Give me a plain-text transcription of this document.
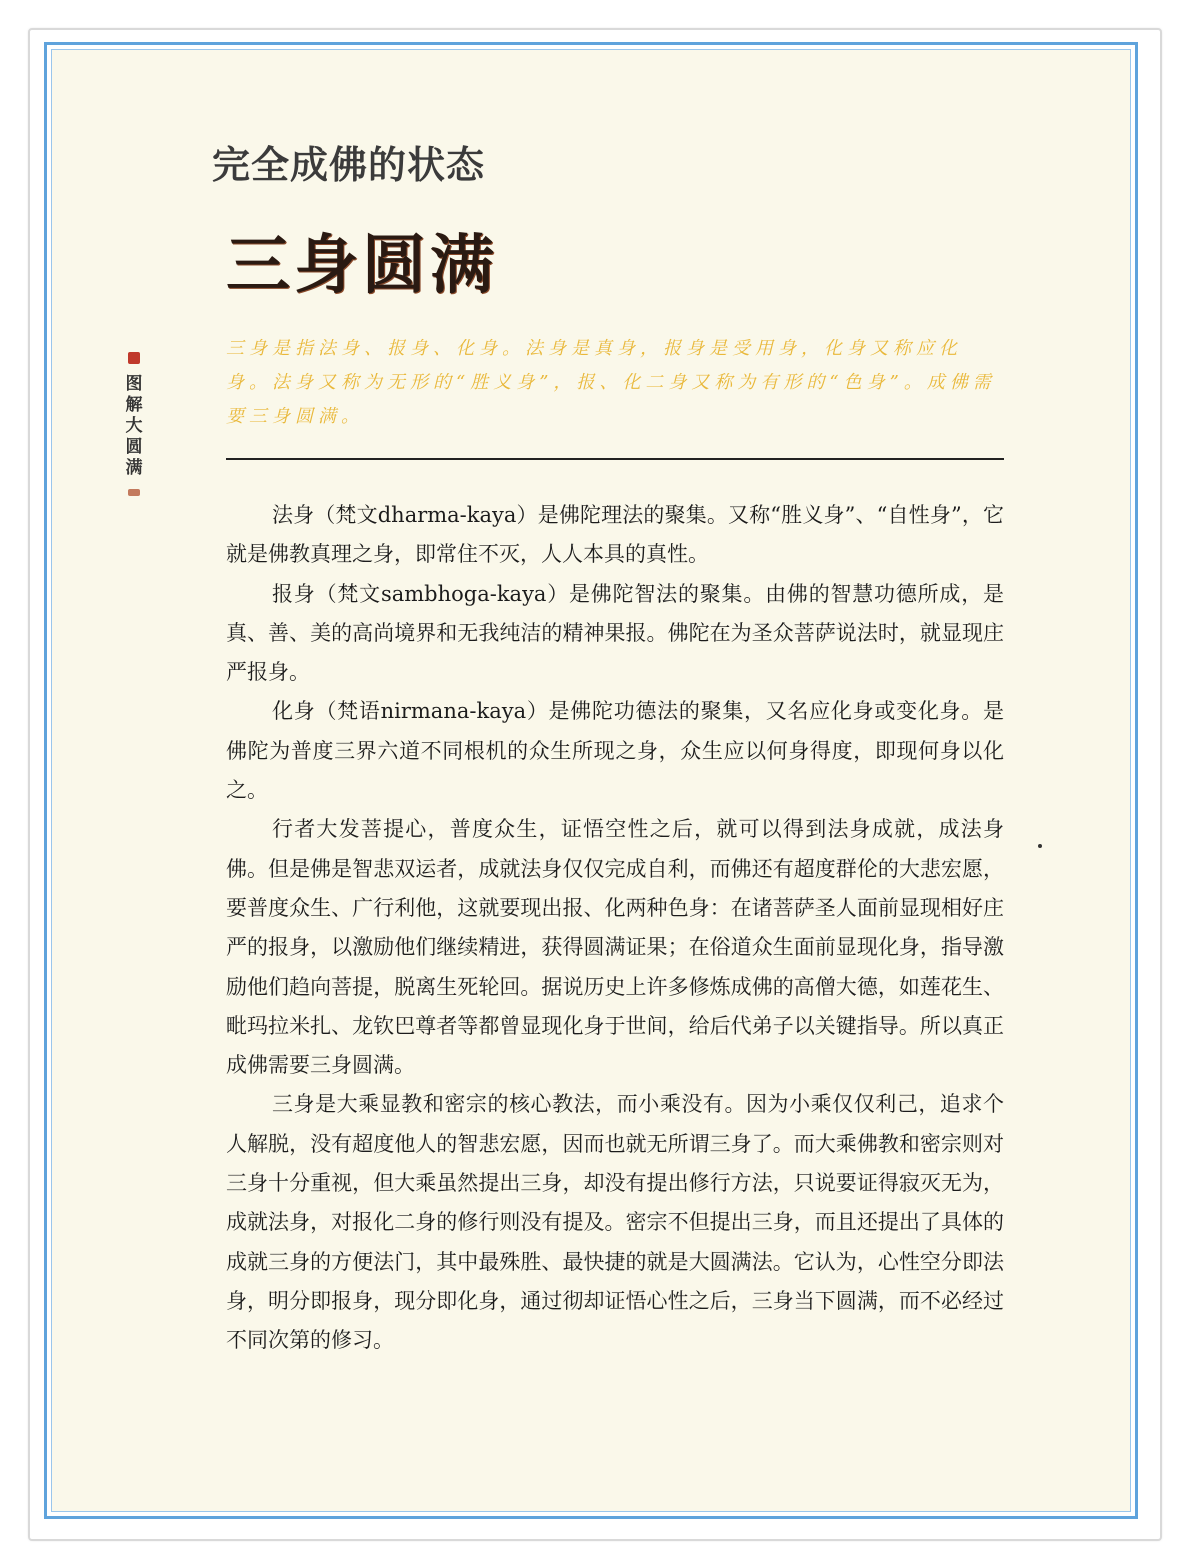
完全成佛的状态
三身圆满
三身是指法身、报身、化身。法身是真身，报身是受用身，化身又称应化身。法身又称为无形的“胜义身”，报、化二身又称为有形的“色身”。成佛需要三身圆满。
图解大圆满

法身（梵文dharma-kaya）是佛陀理法的聚集。又称“胜义身”、“自性身”，它就是佛教真理之身，即常住不灭，人人本具的真性。

报身（梵文sambhoga-kaya）是佛陀智法的聚集。由佛的智慧功德所成，是真、善、美的高尚境界和无我纯洁的精神果报。佛陀在为圣众菩萨说法时，就显现庄严报身。

化身（梵语nirmana-kaya）是佛陀功德法的聚集，又名应化身或变化身。是佛陀为普度三界六道不同根机的众生所现之身，众生应以何身得度，即现何身以化之。

行者大发菩提心，普度众生，证悟空性之后，就可以得到法身成就，成法身佛。但是佛是智悲双运者，成就法身仅仅完成自利，而佛还有超度群伦的大悲宏愿，要普度众生、广行利他，这就要现出报、化两种色身：在诸菩萨圣人面前显现相好庄严的报身，以激励他们继续精进，获得圆满证果；在俗道众生面前显现化身，指导激励他们趋向菩提，脱离生死轮回。据说历史上许多修炼成佛的高僧大德，如莲花生、毗玛拉米扎、龙钦巴尊者等都曾显现化身于世间，给后代弟子以关键指导。所以真正成佛需要三身圆满。

三身是大乘显教和密宗的核心教法，而小乘没有。因为小乘仅仅利己，追求个人解脱，没有超度他人的智悲宏愿，因而也就无所谓三身了。而大乘佛教和密宗则对三身十分重视，但大乘虽然提出三身，却没有提出修行方法，只说要证得寂灭无为，成就法身，对报化二身的修行则没有提及。密宗不但提出三身，而且还提出了具体的成就三身的方便法门，其中最殊胜、最快捷的就是大圆满法。它认为，心性空分即法身，明分即报身，现分即化身，通过彻却证悟心性之后，三身当下圆满，而不必经过不同次第的修习。
